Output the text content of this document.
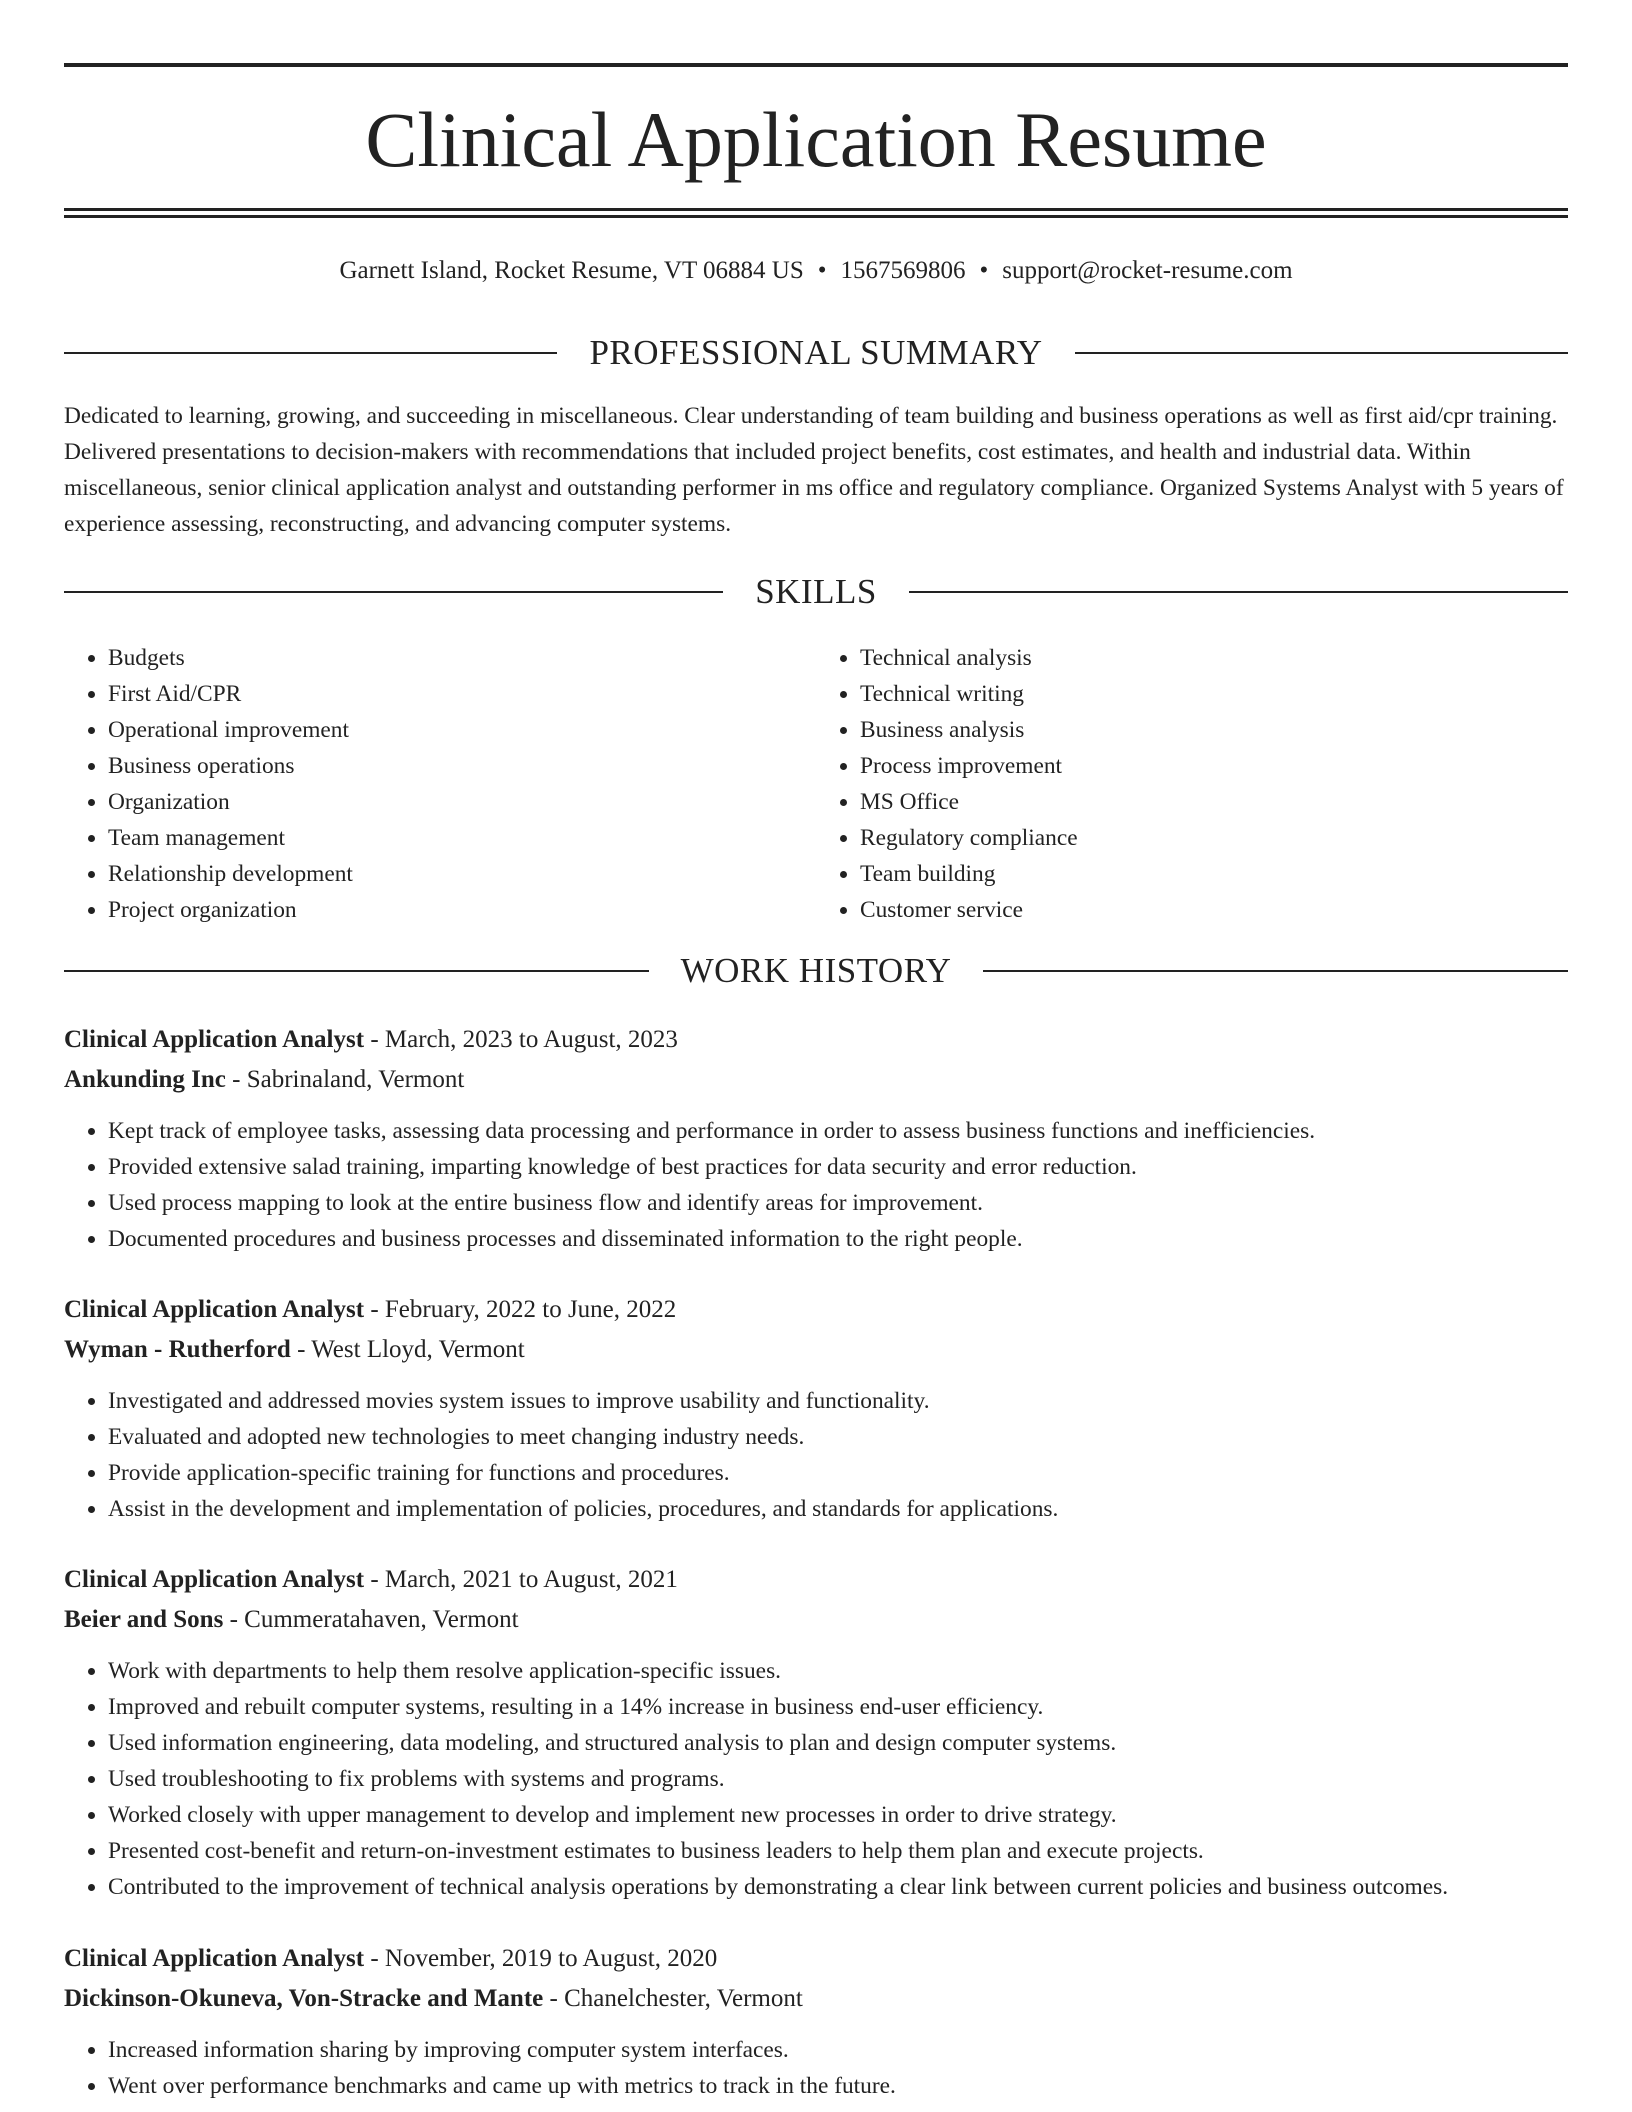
Clinical Application Resume
Garnett Island, Rocket Resume, VT 06884 US • 1567569806 • support@rocket-resume.com
PROFESSIONAL SUMMARY

Dedicated to learning, growing, and succeeding in miscellaneous. Clear understanding of team building and business operations as well as first aid/cpr training. Delivered presentations to decision-makers with recommendations that included project benefits, cost estimates, and health and industrial data. Within miscellaneous, senior clinical application analyst and outstanding performer in ms office and regulatory compliance. Organized Systems Analyst with 5 years of experience assessing, reconstructing, and advancing computer systems.

SKILLS
• Budgets
• First Aid/CPR
• Operational improvement
• Business operations
• Organization
• Team management
• Relationship development
• Project organization
• Technical analysis
• Technical writing
• Business analysis
• Process improvement
• MS Office
• Regulatory compliance
• Team building
• Customer service
WORK HISTORY

Clinical Application Analyst - March, 2023 to August, 2023

Ankunding Inc - Sabrinaland, Vermont

• Kept track of employee tasks, assessing data processing and performance in order to assess business functions and inefficiencies.
• Provided extensive salad training, imparting knowledge of best practices for data security and error reduction.
• Used process mapping to look at the entire business flow and identify areas for improvement.
• Documented procedures and business processes and disseminated information to the right people.

Clinical Application Analyst - February, 2022 to June, 2022

Wyman - Rutherford - West Lloyd, Vermont

• Investigated and addressed movies system issues to improve usability and functionality.
• Evaluated and adopted new technologies to meet changing industry needs.
• Provide application-specific training for functions and procedures.
• Assist in the development and implementation of policies, procedures, and standards for applications.

Clinical Application Analyst - March, 2021 to August, 2021

Beier and Sons - Cummeratahaven, Vermont

• Work with departments to help them resolve application-specific issues.
• Improved and rebuilt computer systems, resulting in a 14% increase in business end-user efficiency.
• Used information engineering, data modeling, and structured analysis to plan and design computer systems.
• Used troubleshooting to fix problems with systems and programs.
• Worked closely with upper management to develop and implement new processes in order to drive strategy.
• Presented cost-benefit and return-on-investment estimates to business leaders to help them plan and execute projects.
• Contributed to the improvement of technical analysis operations by demonstrating a clear link between current policies and business outcomes.

Clinical Application Analyst - November, 2019 to August, 2020

Dickinson-Okuneva, Von-Stracke and Mante - Chanelchester, Vermont

• Increased information sharing by improving computer system interfaces.
• Went over performance benchmarks and came up with metrics to track in the future.
